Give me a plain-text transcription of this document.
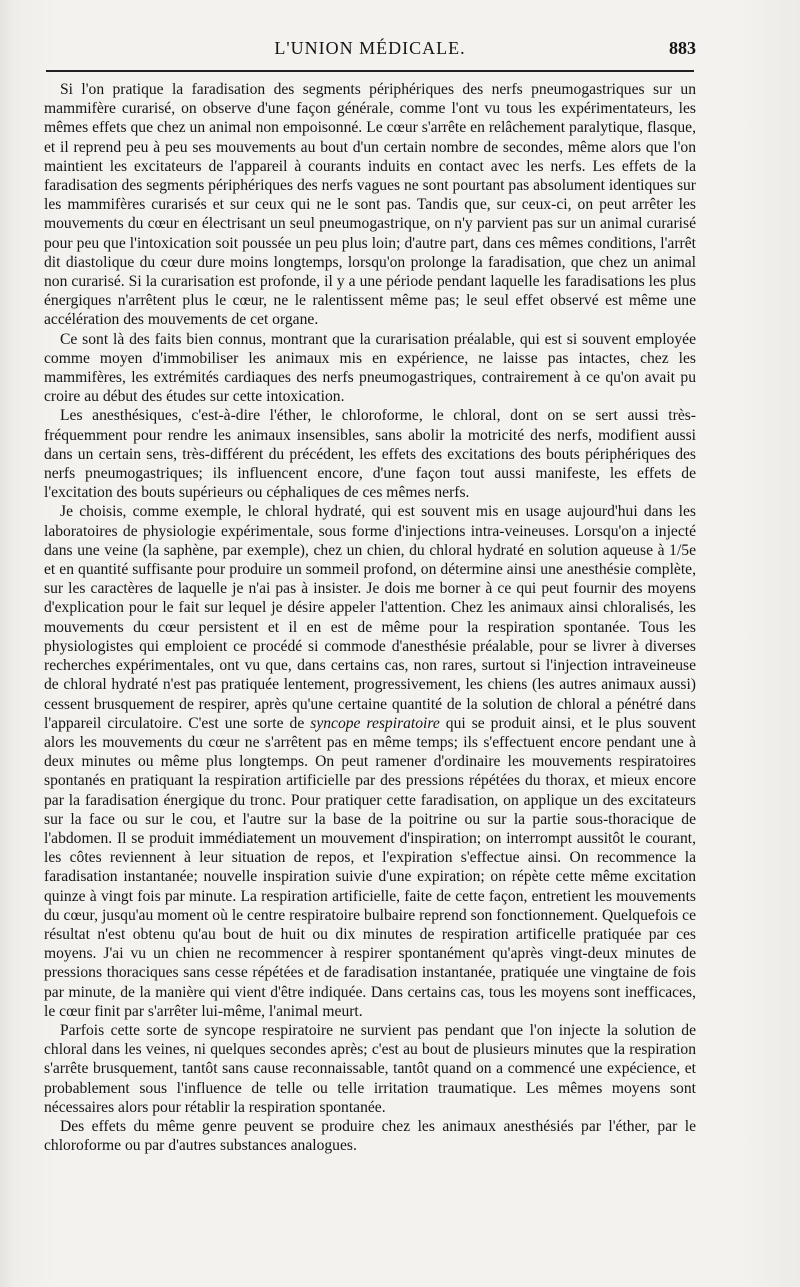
L'UNION MÉDICALE.	883

Si l'on pratique la faradisation des segments périphériques des nerfs pneumogastriques sur un mammifère curarisé, on observe d'une façon générale, comme l'ont vu tous les expérimentateurs, les mêmes effets que chez un animal non empoisonné. Le cœur s'arrête en relâchement paralytique, flasque, et il reprend peu à peu ses mouvements au bout d'un certain nombre de secondes, même alors que l'on maintient les excitateurs de l'appareil à courants induits en contact avec les nerfs. Les effets de la faradisation des segments périphériques des nerfs vagues ne sont pourtant pas absolument identiques sur les mammifères curarisés et sur ceux qui ne le sont pas. Tandis que, sur ceux-ci, on peut arrêter les mouvements du cœur en électrisant un seul pneumogastrique, on n'y parvient pas sur un animal curarisé pour peu que l'intoxication soit poussée un peu plus loin; d'autre part, dans ces mêmes conditions, l'arrêt dit diastolique du cœur dure moins longtemps, lorsqu'on prolonge la faradisation, que chez un animal non curarisé. Si la curarisation est profonde, il y a une période pendant laquelle les faradisations les plus énergiques n'arrêtent plus le cœur, ne le ralentissent même pas; le seul effet observé est même une accélération des mouvements de cet organe.

Ce sont là des faits bien connus, montrant que la curarisation préalable, qui est si souvent employée comme moyen d'immobiliser les animaux mis en expérience, ne laisse pas intactes, chez les mammifères, les extrémités cardiaques des nerfs pneumogastriques, contrairement à ce qu'on avait pu croire au début des études sur cette intoxication.

Les anesthésiques, c'est-à-dire l'éther, le chloroforme, le chloral, dont on se sert aussi très-fréquemment pour rendre les animaux insensibles, sans abolir la motricité des nerfs, modifient aussi dans un certain sens, très-différent du précédent, les effets des excitations des bouts périphériques des nerfs pneumogastriques; ils influencent encore, d'une façon tout aussi manifeste, les effets de l'excitation des bouts supérieurs ou céphaliques de ces mêmes nerfs.

Je choisis, comme exemple, le chloral hydraté, qui est souvent mis en usage aujourd'hui dans les laboratoires de physiologie expérimentale, sous forme d'injections intra-veineuses. Lorsqu'on a injecté dans une veine (la saphène, par exemple), chez un chien, du chloral hydraté en solution aqueuse à 1/5e et en quantité suffisante pour produire un sommeil profond, on détermine ainsi une anesthésie complète, sur les caractères de laquelle je n'ai pas à insister. Je dois me borner à ce qui peut fournir des moyens d'explication pour le fait sur lequel je désire appeler l'attention. Chez les animaux ainsi chloralisés, les mouvements du cœur persistent et il en est de même pour la respiration spontanée. Tous les physiologistes qui emploient ce procédé si commode d'anesthésie préalable, pour se livrer à diverses recherches expérimentales, ont vu que, dans certains cas, non rares, surtout si l'injection intraveineuse de chloral hydraté n'est pas pratiquée lentement, progressivement, les chiens (les autres animaux aussi) cessent brusquement de respirer, après qu'une certaine quantité de la solution de chloral a pénétré dans l'appareil circulatoire. C'est une sorte de syncope respiratoire qui se produit ainsi, et le plus souvent alors les mouvements du cœur ne s'arrêtent pas en même temps; ils s'effectuent encore pendant une à deux minutes ou même plus longtemps. On peut ramener d'ordinaire les mouvements respiratoires spontanés en pratiquant la respiration artificielle par des pressions répétées du thorax, et mieux encore par la faradisation énergique du tronc. Pour pratiquer cette faradisation, on applique un des excitateurs sur la face ou sur le cou, et l'autre sur la base de la poitrine ou sur la partie sous-thoracique de l'abdomen. Il se produit immédiatement un mouvement d'inspiration; on interrompt aussitôt le courant, les côtes reviennent à leur situation de repos, et l'expiration s'effectue ainsi. On recommence la faradisation instantanée; nouvelle inspiration suivie d'une expiration; on répète cette même excitation quinze à vingt fois par minute. La respiration artificielle, faite de cette façon, entretient les mouvements du cœur, jusqu'au moment où le centre respiratoire bulbaire reprend son fonctionnement. Quelquefois ce résultat n'est obtenu qu'au bout de huit ou dix minutes de respiration artificelle pratiquée par ces moyens. J'ai vu un chien ne recommencer à respirer spontanément qu'après vingt-deux minutes de pressions thoraciques sans cesse répétées et de faradisation instantanée, pratiquée une vingtaine de fois par minute, de la manière qui vient d'être indiquée. Dans certains cas, tous les moyens sont inefficaces, le cœur finit par s'arrêter lui-même, l'animal meurt.

Parfois cette sorte de syncope respiratoire ne survient pas pendant que l'on injecte la solution de chloral dans les veines, ni quelques secondes après; c'est au bout de plusieurs minutes que la respiration s'arrête brusquement, tantôt sans cause reconnaissable, tantôt quand on a commencé une expécience, et probablement sous l'influence de telle ou telle irritation traumatique. Les mêmes moyens sont nécessaires alors pour rétablir la respiration spontanée.

Des effets du même genre peuvent se produire chez les animaux anesthésiés par l'éther, par le chloroforme ou par d'autres substances analogues.
